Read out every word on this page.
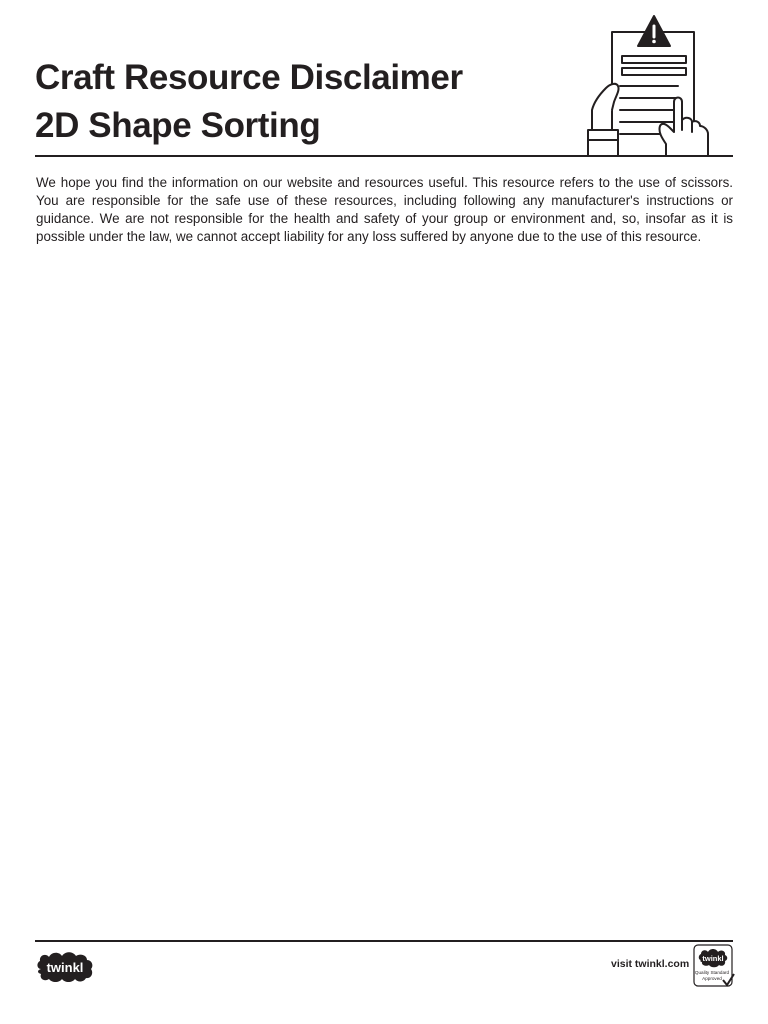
Craft Resource Disclaimer
2D Shape Sorting

We hope you find the information on our website and resources useful. This resource refers to the use of scissors. You are responsible for the safe use of these resources, including following any manufacturer's instructions or guidance. We are not responsible for the health and safety of your group or environment and, so, insofar as it is possible under the law, we cannot accept liability for any loss suffered by anyone due to the use of this resource.

twinkl	visit twinkl.com twinkl
Quality Standard
Approved
